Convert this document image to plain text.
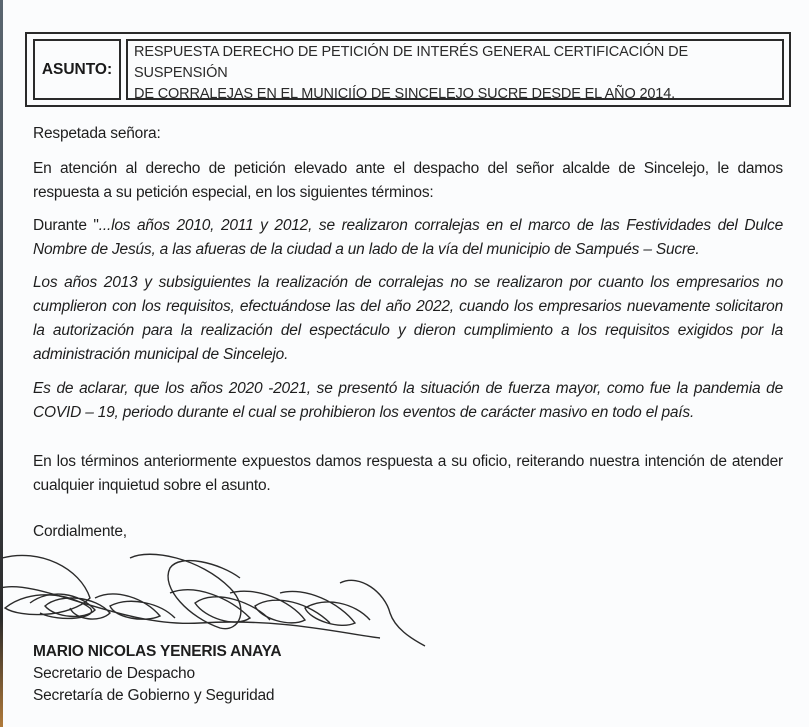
ASUNTO:
RESPUESTA DERECHO DE PETICIÓN DE INTERÉS GENERAL CERTIFICACIÓN DE SUSPENSIÓN
DE CORRALEJAS EN EL MUNICIÍO DE SINCELEJO SUCRE DESDE EL AÑO 2014.
Respetada señora:
En atención al derecho de petición elevado ante el despacho del señor alcalde de Sincelejo, le damos respuesta a su petición especial, en los siguientes términos:
Durante "...los años 2010, 2011 y 2012, se realizaron corralejas en el marco de las Festividades del Dulce Nombre de Jesús, a las afueras de la ciudad a un lado de la vía del municipio de Sampués – Sucre.
Los años 2013 y subsiguientes la realización de corralejas no se realizaron por cuanto los empresarios no cumplieron con los requisitos, efectuándose las del año 2022, cuando los empresarios nuevamente solicitaron la autorización para la realización del espectáculo y dieron cumplimiento a los requisitos exigidos por la administración municipal de Sincelejo.
Es de aclarar, que los años 2020 -2021, se presentó la situación de fuerza mayor, como fue la pandemia de COVID – 19, periodo durante el cual se prohibieron los eventos de carácter masivo en todo el país.
En los términos anteriormente expuestos damos respuesta a su oficio, reiterando nuestra intención de atender cualquier inquietud sobre el asunto.
Cordialmente,
MARIO NICOLAS YENERIS ANAYA
Secretario de Despacho
Secretaría de Gobierno y Seguridad
